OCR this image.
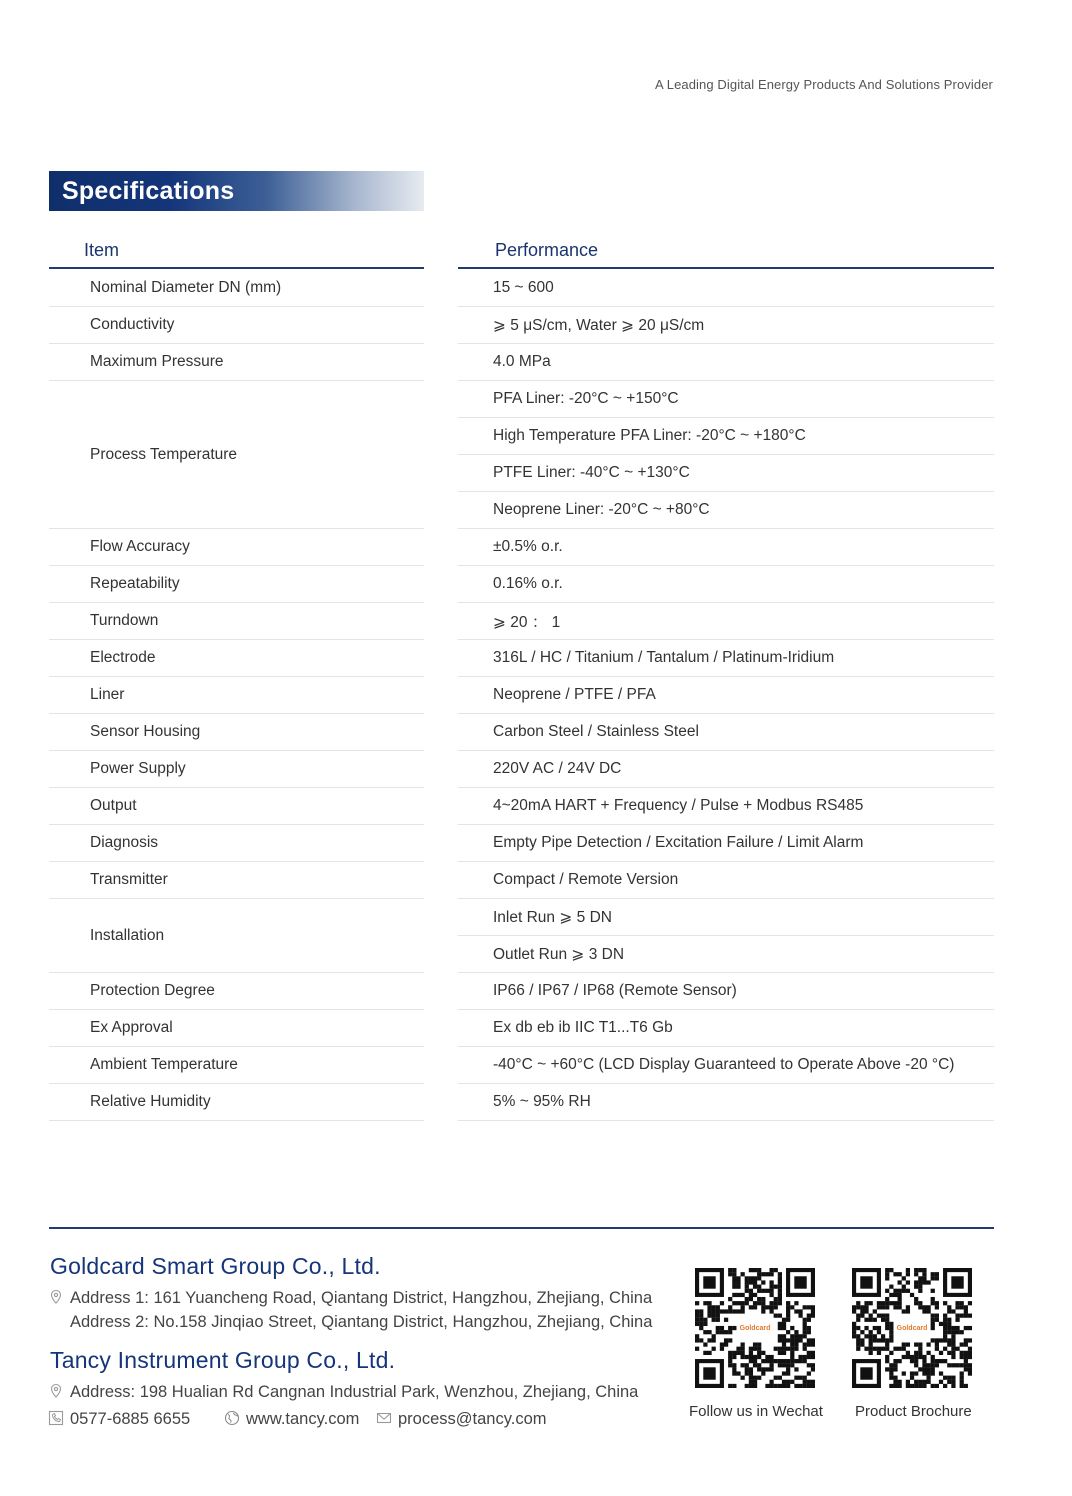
A Leading Digital Energy Products And Solutions Provider
Specifications
Item	Performance
Nominal Diameter DN (mm)	15 ~ 600
Conductivity	⩾ 5 μS/cm, Water ⩾ 20 μS/cm
Maximum Pressure	4.0 MPa
Process Temperature
PFA Liner: -20°C ~ +150°C
High Temperature PFA Liner: -20°C ~ +180°C
PTFE Liner: -40°C ~ +130°C
Neoprene Liner: -20°C ~ +80°C
Flow Accuracy	±0.5% o.r.
Repeatability	0.16% o.r.
Turndown	⩾ 20 ： 1
Electrode	316L / HC / Titanium / Tantalum / Platinum-Iridium
Liner	Neoprene / PTFE / PFA
Sensor Housing	Carbon Steel / Stainless Steel
Power Supply	220V AC / 24V DC
Output	4~20mA HART + Frequency / Pulse + Modbus RS485
Diagnosis	Empty Pipe Detection / Excitation Failure / Limit Alarm
Transmitter	Compact / Remote Version
Installation
Inlet Run ⩾ 5 DN
Outlet Run ⩾ 3 DN
Protection Degree	IP66 / IP67 / IP68 (Remote Sensor)
Ex Approval	Ex db eb ib IIC T1...T6 Gb
Ambient Temperature	-40°C ~ +60°C (LCD Display Guaranteed to Operate Above -20 °C)
Relative Humidity	5% ~ 95% RH
Goldcard Smart Group Co., Ltd.
Address 1: 161 Yuancheng Road, Qiantang District, Hangzhou, Zhejiang, China
Address 2: No.158 Jinqiao Street, Qiantang District, Hangzhou, Zhejiang, China
Tancy Instrument Group Co., Ltd.
Address: 198 Hualian Rd Cangnan Industrial Park, Wenzhou, Zhejiang, China
0577-6885 6655	www.tancy.com	process@tancy.com
Goldcard
Follow us in Wechat
Goldcard
Product Brochure
